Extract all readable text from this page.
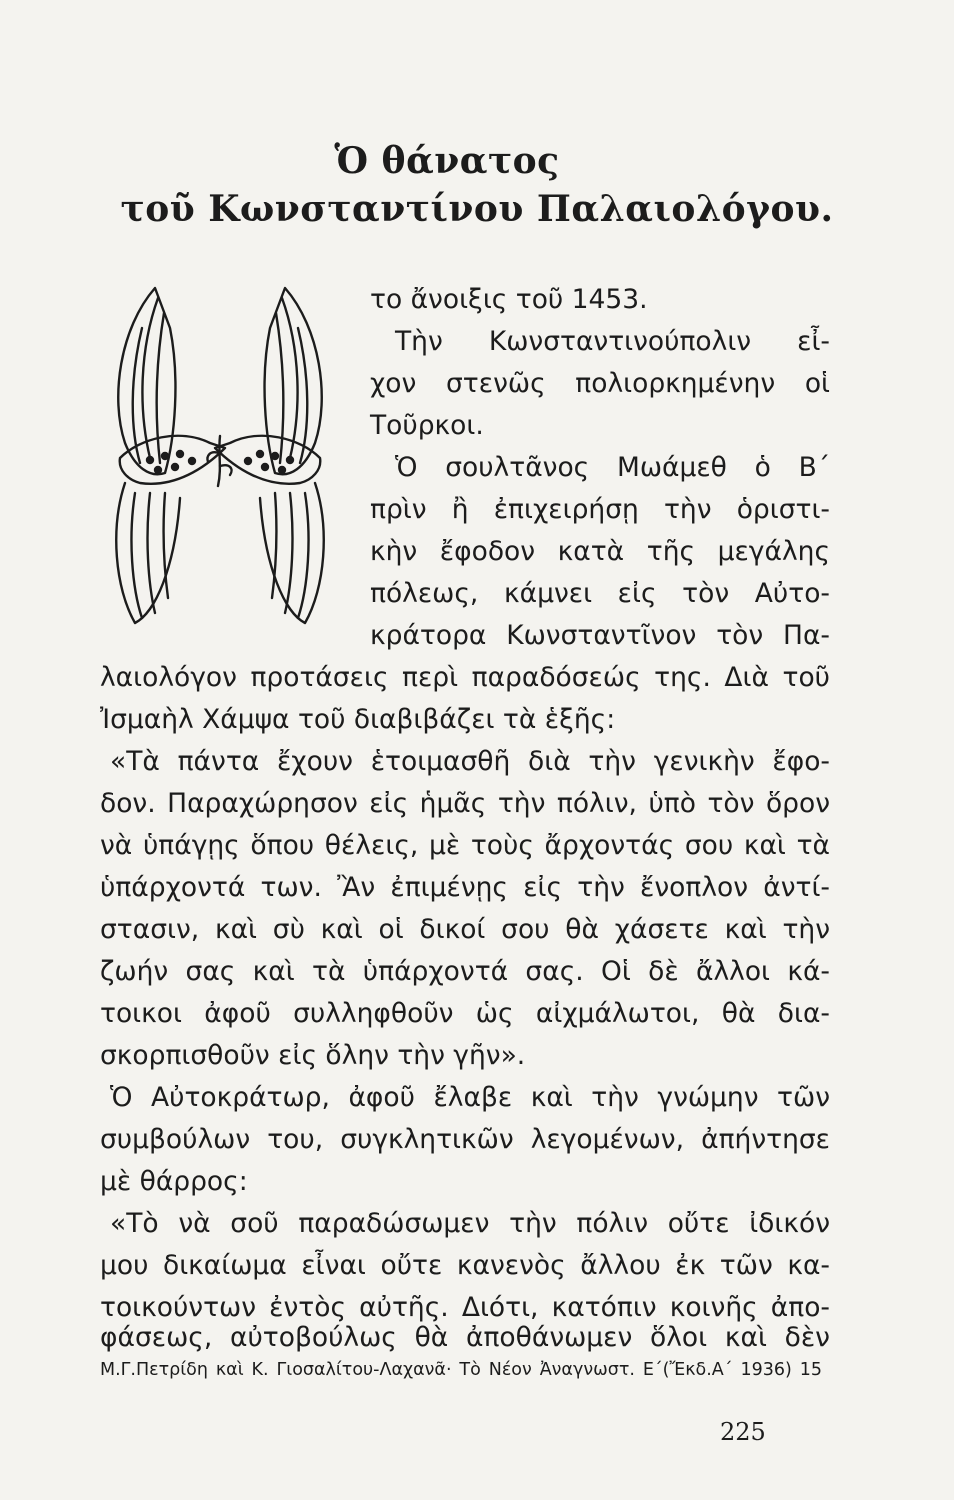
Ὁ θάνατος
τοῦ Κωνσταντίνου Παλαιολόγου.
το ἄνοιξις τοῦ 1453.
Τὴν Κωνσταντινούπολιν εἶ-
χον στενῶς πολιορκημένην οἱ
Τοῦρκοι.
Ὁ σουλτᾶνος Μωάμεθ ὁ Β΄
πρὶν ἢ ἐπιχειρήσῃ τὴν ὁριστι-
κὴν ἔφοδον κατὰ τῆς μεγάλης
πόλεως, κάμνει εἰς τὸν Αὐτο-
κράτορα Κωνσταντῖνον τὸν Πα-
λαιολόγον προτάσεις περὶ παραδόσεώς της. Διὰ τοῦ
Ἰσμαὴλ Χάμψα τοῦ διαβιβάζει τὰ ἑξῆς:
«Τὰ πάντα ἔχουν ἑτοιμασθῆ διὰ τὴν γενικὴν ἔφο-
δον. Παραχώρησον εἰς ἡμᾶς τὴν πόλιν, ὑπὸ τὸν ὅρον
νὰ ὑπάγῃς ὅπου θέλεις, μὲ τοὺς ἄρχοντάς σου καὶ τὰ
ὑπάρχοντά των. Ἂν ἐπιμένῃς εἰς τὴν ἔνοπλον ἀντί-
στασιν, καὶ σὺ καὶ οἱ δικοί σου θὰ χάσετε καὶ τὴν
ζωήν σας καὶ τὰ ὑπάρχοντά σας. Οἱ δὲ ἄλλοι κά-
τοικοι ἀφοῦ συλληφθοῦν ὡς αἰχμάλωτοι, θὰ δια-
σκορπισθοῦν εἰς ὅλην τὴν γῆν».
Ὁ Αὐτοκράτωρ, ἀφοῦ ἔλαβε καὶ τὴν γνώμην τῶν
συμβούλων του, συγκλητικῶν λεγομένων, ἀπήντησε
μὲ θάρρος:
«Τὸ νὰ σοῦ παραδώσωμεν τὴν πόλιν οὔτε ἰδικόν
μου δικαίωμα εἶναι οὔτε κανενὸς ἄλλου ἐκ τῶν κα-
τοικούντων ἐντὸς αὐτῆς. Διότι, κατόπιν κοινῆς ἀπο-
Μ.Γ.Πετρίδη καὶ Κ. Γιοσαλίτου-Λαχανᾶ· Τὸ Νέον Ἀναγνωστ. Ε΄(Ἔκδ.Α΄ 1936) 15
225
φάσεως, αὐτοβούλως θὰ ἀποθάνωμεν ὅλοι καὶ δὲν
